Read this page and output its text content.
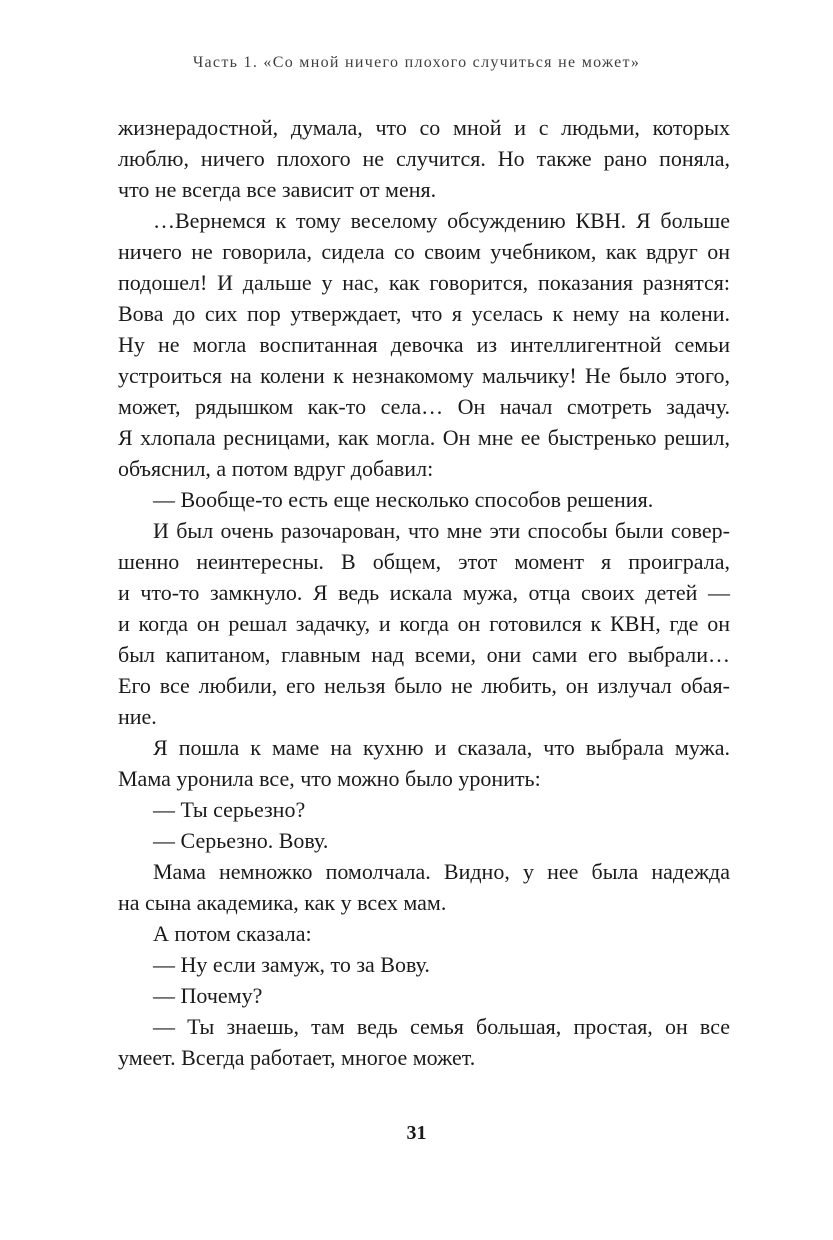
Часть 1. «Со мной ничего плохого случиться не может»
жизнерадостной, думала, что со мной и с людьми, которых
люблю, ничего плохого не случится. Но также рано поняла,
что не всегда все зависит от меня.
…Вернемся к тому веселому обсуждению КВН. Я больше
ничего не говорила, сидела со своим учебником, как вдруг он
подошел! И дальше у нас, как говорится, показания разнятся:
Вова до сих пор утверждает, что я уселась к нему на колени.
Ну не могла воспитанная девочка из интеллигентной семьи
устроиться на колени к незнакомому мальчику! Не было этого,
может, рядышком как-то села… Он начал смотреть задачу.
Я хлопала ресницами, как могла. Он мне ее быстренько решил,
объяснил, а потом вдруг добавил:
— Вообще-то есть еще несколько способов решения.
И был очень разочарован, что мне эти способы были совер-
шенно неинтересны. В общем, этот момент я проиграла,
и что-то замкнуло. Я ведь искала мужа, отца своих детей —
и когда он решал задачку, и когда он готовился к КВН, где он
был капитаном, главным над всеми, они сами его выбрали…
Его все любили, его нельзя было не любить, он излучал обая-
ние.
Я пошла к маме на кухню и сказала, что выбрала мужа.
Мама уронила все, что можно было уронить:
— Ты серьезно?
— Серьезно. Вову.
Мама немножко помолчала. Видно, у нее была надежда
на сына академика, как у всех мам.
А потом сказала:
— Ну если замуж, то за Вову.
— Почему?
— Ты знаешь, там ведь семья большая, простая, он все
умеет. Всегда работает, многое может.
31
